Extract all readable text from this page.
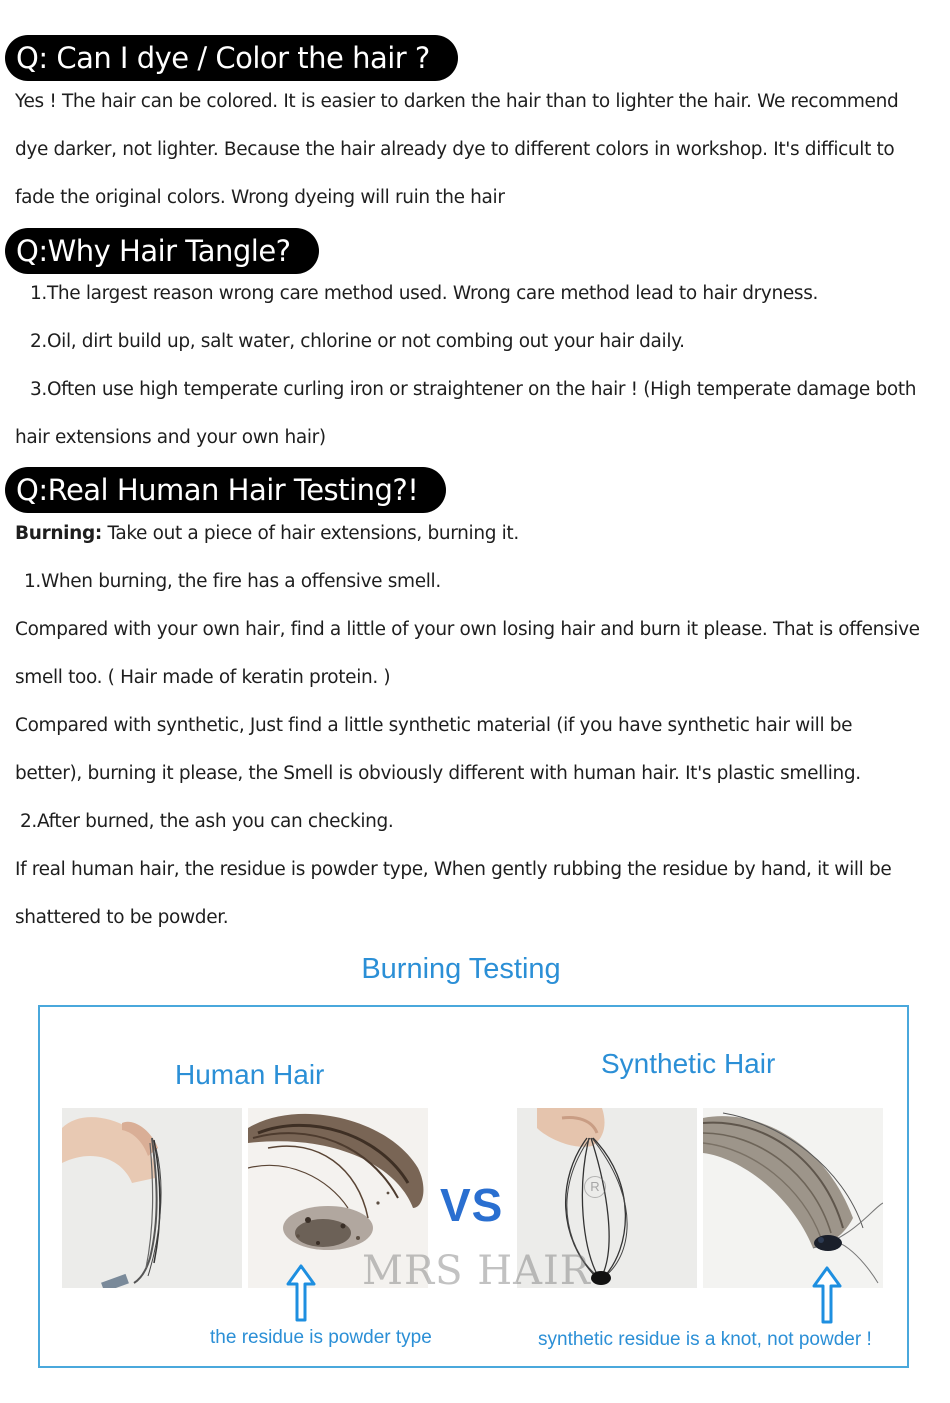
Q: Can I dye / Color the hair ?
Yes ! The hair can be colored. It is easier to darken the hair than to lighter the hair. We recommend
dye darker, not lighter. Because the hair already dye to different colors in workshop. It's difficult to
fade the original colors. Wrong dyeing will ruin the hair
Q:Why Hair Tangle?
1.The largest reason wrong care method used. Wrong care method lead to hair dryness.
2.Oil, dirt build up, salt water, chlorine or not combing out your hair daily.
3.Often use high temperate curling iron or straightener on the hair ! (High temperate damage both
hair extensions and your own hair)
Q:Real Human Hair Testing?!
Burning: Take out a piece of hair extensions, burning it.
1.When burning, the fire has a offensive smell.
Compared with your own hair, find a little of your own losing hair and burn it please. That is offensive
smell too. ( Hair made of keratin protein. )
Compared with synthetic, Just find a little synthetic material (if you have synthetic hair will be
better), burning it please, the Smell is obviously different with human hair. It's plastic smelling.
2.After burned, the ash you can checking.
If real human hair, the residue is powder type, When gently rubbing the residue by hand, it will be
shattered to be powder.
Burning Testing
Human Hair	Synthetic Hair
VS
MRS HAIR
R
the residue is powder type	synthetic residue is a knot, not powder !
